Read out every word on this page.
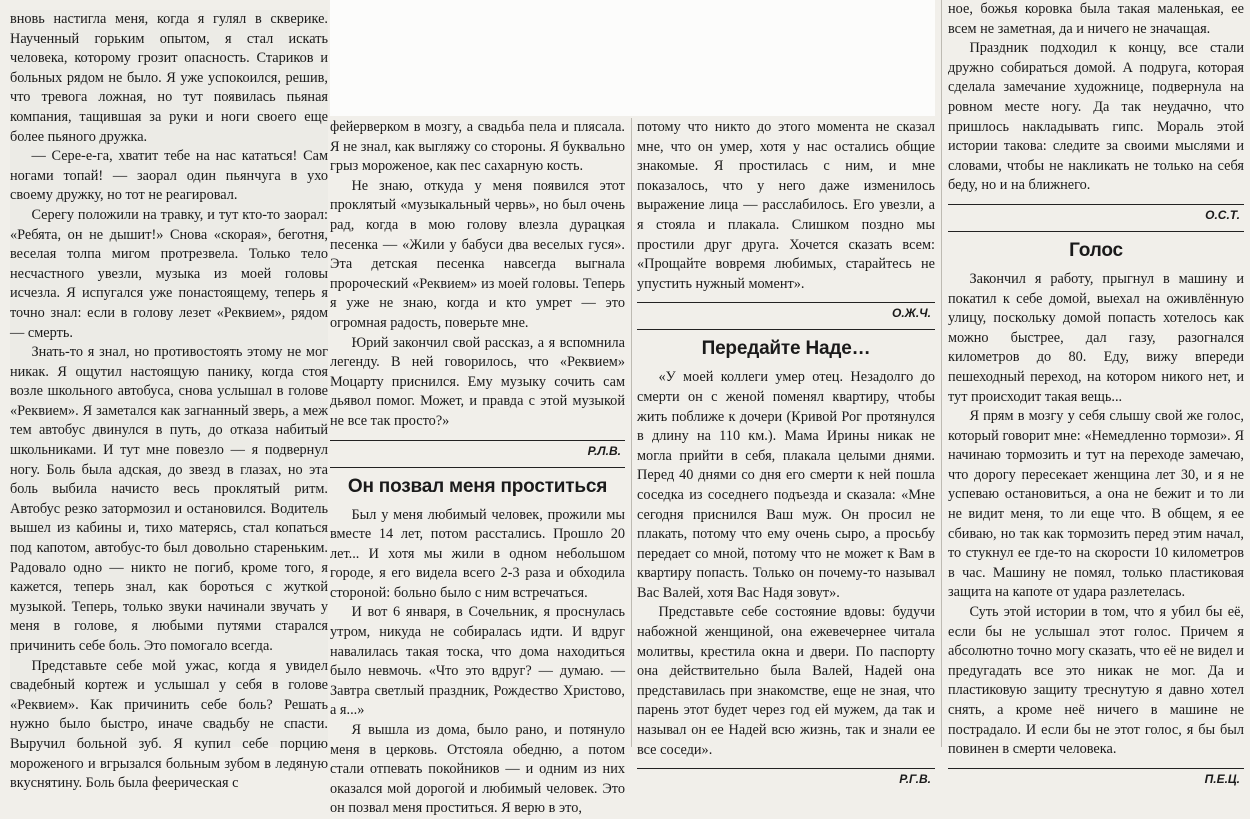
вновь настигла меня, когда я гулял в скверике. Наученный горьким опытом, я стал искать человека, которому грозит опасность. Стариков и больных рядом не было. Я уже успокоился, решив, что тревога ложная, но тут появилась пьяная компания, тащившая за руки и ноги своего еще более пьяного дружка.

— Сере-е-га, хватит тебе на нас кататься! Сам ногами топай! — заорал один пьянчуга в ухо своему дружку, но тот не реагировал.

Серегу положили на травку, и тут кто-то заорал: «Ребята, он не дышит!» Снова «скорая», беготня, веселая толпа мигом протрезвела. Только тело несчастного увезли, музыка из моей головы исчезла. Я испугался уже понастоящему, теперь я точно знал: если в голову лезет «Реквием», рядом — смерть.

Знать-то я знал, но противостоять этому не мог никак. Я ощутил настоящую панику, когда стоя возле школьного автобуса, снова услышал в голове «Реквием». Я заметался как загнанный зверь, а меж тем автобус двинулся в путь, до отказа набитый школьниками. И тут мне повезло — я подвернул ногу. Боль была адская, до звезд в глазах, но эта боль выбила начисто весь проклятый ритм. Автобус резко затормозил и остановился. Водитель вышел из кабины и, тихо матерясь, стал копаться под капотом, автобус-то был довольно стареньким. Радовало одно — никто не погиб, кроме того, я кажется, теперь знал, как бороться с жуткой музыкой. Теперь, только звуки начинали звучать у меня в голове, я любыми путями старался причинить себе боль. Это помогало всегда.

Представьте себе мой ужас, когда я увидел свадебный кортеж и услышал у себя в голове «Реквием». Как причинить себе боль? Решать нужно было быстро, иначе свадьбу не спасти. Выручил больной зуб. Я купил себе порцию мороженого и вгрызался больным зубом в ледяную вкуснятину. Боль была феерическая с

фейерверком в мозгу, а свадьба пела и плясала. Я не знал, как выгляжу со стороны. Я буквально грыз мороженое, как пес сахарную кость.

Не знаю, откуда у меня появился этот проклятый «музыкальный червь», но был очень рад, когда в мою голову влезла дурацкая песенка — «Жили у бабуси два веселых гуся». Эта детская песенка навсегда выгнала пророческий «Реквием» из моей головы. Теперь я уже не знаю, когда и кто умрет — это огромная радость, поверьте мне.

Юрий закончил свой рассказ, а я вспомнила легенду. В ней говорилось, что «Реквием» Моцарту приснился. Ему музыку сочить сам дьявол помог. Может, и правда с этой музыкой не все так просто?»

Р.Л.В.
Он позвал меня проститься

Был у меня любимый человек, прожили мы вместе 14 лет, потом расстались. Прошло 20 лет... И хотя мы жили в одном небольшом городе, я его видела всего 2-3 раза и обходила стороной: больно было с ним встречаться.

И вот 6 января, в Сочельник, я проснулась утром, никуда не собиралась идти. И вдруг навалилась такая тоска, что дома находиться было невмочь. «Что это вдруг? — думаю. — Завтра светлый праздник, Рождество Христово, а я...»

Я вышла из дома, было рано, и потянуло меня в церковь. Отстояла обедню, а потом стали отпевать покойников — и одним из них оказался мой дорогой и любимый человек. Это он позвал меня проститься. Я верю в это,

потому что никто до этого момента не сказал мне, что он умер, хотя у нас остались общие знакомые. Я простилась с ним, и мне показалось, что у него даже изменилось выражение лица — расслабилось. Его увезли, а я стояла и плакала. Слишком поздно мы простили друг друга. Хочется сказать всем: «Прощайте вовремя любимых, старайтесь не упустить нужный момент».

О.Ж.Ч.
Передайте Наде…

«У моей коллеги умер отец. Незадолго до смерти он с женой поменял квартиру, чтобы жить поближе к дочери (Кривой Рог протянулся в длину на 110 км.). Мама Ирины никак не могла прийти в себя, плакала целыми днями. Перед 40 днями со дня его смерти к ней пошла соседка из соседнего подъезда и сказала: «Мне сегодня приснился Ваш муж. Он просил не плакать, потому что ему очень сыро, а просьбу передает со мной, потому что не может к Вам в квартиру попасть. Только он почему-то называл Вас Валей, хотя Вас Надя зовут».

Представьте себе состояние вдовы: будучи набожной женщиной, она ежевечернее читала молитвы, крестила окна и двери. По паспорту она действительно была Валей, Надей она представилась при знакомстве, еще не зная, что парень этот будет через год ей мужем, да так и называл он ее Надей всю жизнь, так и знали ее все соседи».

Р.Г.В.

ное, божья коровка была такая маленькая, ее всем не заметная, да и ничего не значащая.

Праздник подходил к концу, все стали дружно собираться домой. А подруга, которая сделала замечание художнице, подвернула на ровном месте ногу. Да так неудачно, что пришлось накладывать гипс. Мораль этой истории такова: следите за своими мыслями и словами, чтобы не накликать не только на себя беду, но и на ближнего.

О.С.Т.
Голос

Закончил я работу, прыгнул в машину и покатил к себе домой, выехал на оживлённую улицу, поскольку домой попасть хотелось как можно быстрее, дал газу, разогнался километров до 80. Еду, вижу впереди пешеходный переход, на котором никого нет, и тут происходит такая вещь...

Я прям в мозгу у себя слышу свой же голос, который говорит мне: «Немедленно тормози». Я начинаю тормозить и тут на переходе замечаю, что дорогу пересекает женщина лет 30, и я не успеваю остановиться, а она не бежит и то ли не видит меня, то ли еще что. В общем, я ее сбиваю, но так как тормозить перед этим начал, то стукнул ее где-то на скорости 10 километров в час. Машину не помял, только пластиковая защита на капоте от удара разлетелась.

Суть этой истории в том, что я убил бы её, если бы не услышал этот голос. Причем я абсолютно точно могу сказать, что её не видел и предугадать все это никак не мог. Да и пластиковую защиту треснутую я давно хотел снять, а кроме неё ничего в машине не пострадало. И если бы не этот голос, я бы был повинен в смерти человека.

П.Е.Ц.
